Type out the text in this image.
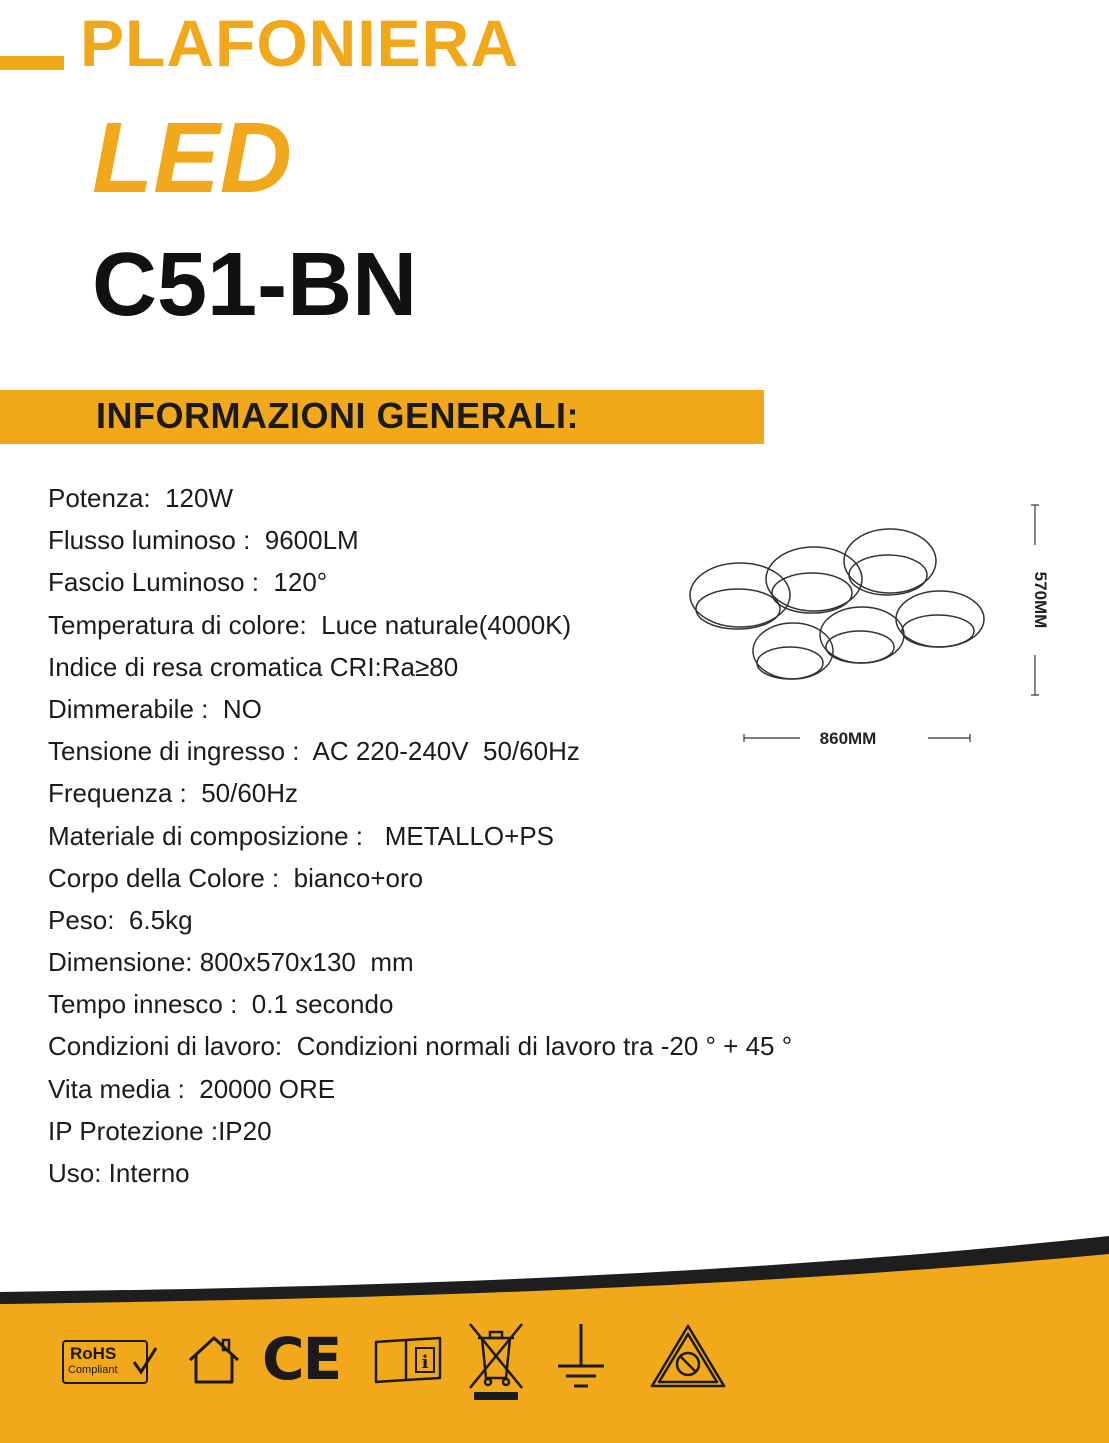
PLAFONIERA
LED
C51-BN
INFORMAZIONI GENERALI:
Potenza:  120W
Flusso luminoso :  9600LM
Fascio Luminoso :  120°
Temperatura di colore:  Luce naturale(4000K)
Indice di resa cromatica CRI:Ra≥80
Dimmerabile :  NO
Tensione di ingresso :  AC 220-240V  50/60Hz
Frequenza :  50/60Hz
Materiale di composizione :   METALLO+PS
Corpo della Colore :  bianco+oro
Peso:  6.5kg
Dimensione: 800x570x130  mm
Tempo innesco :  0.1 secondo
Condizioni di lavoro:  Condizioni normali di lavoro tra -20 ° + 45 °
Vita media :  20000 ORE
IP Protezione :IP20
Uso: Interno
570MM
860MM
RoHS
Compliant CE	i
